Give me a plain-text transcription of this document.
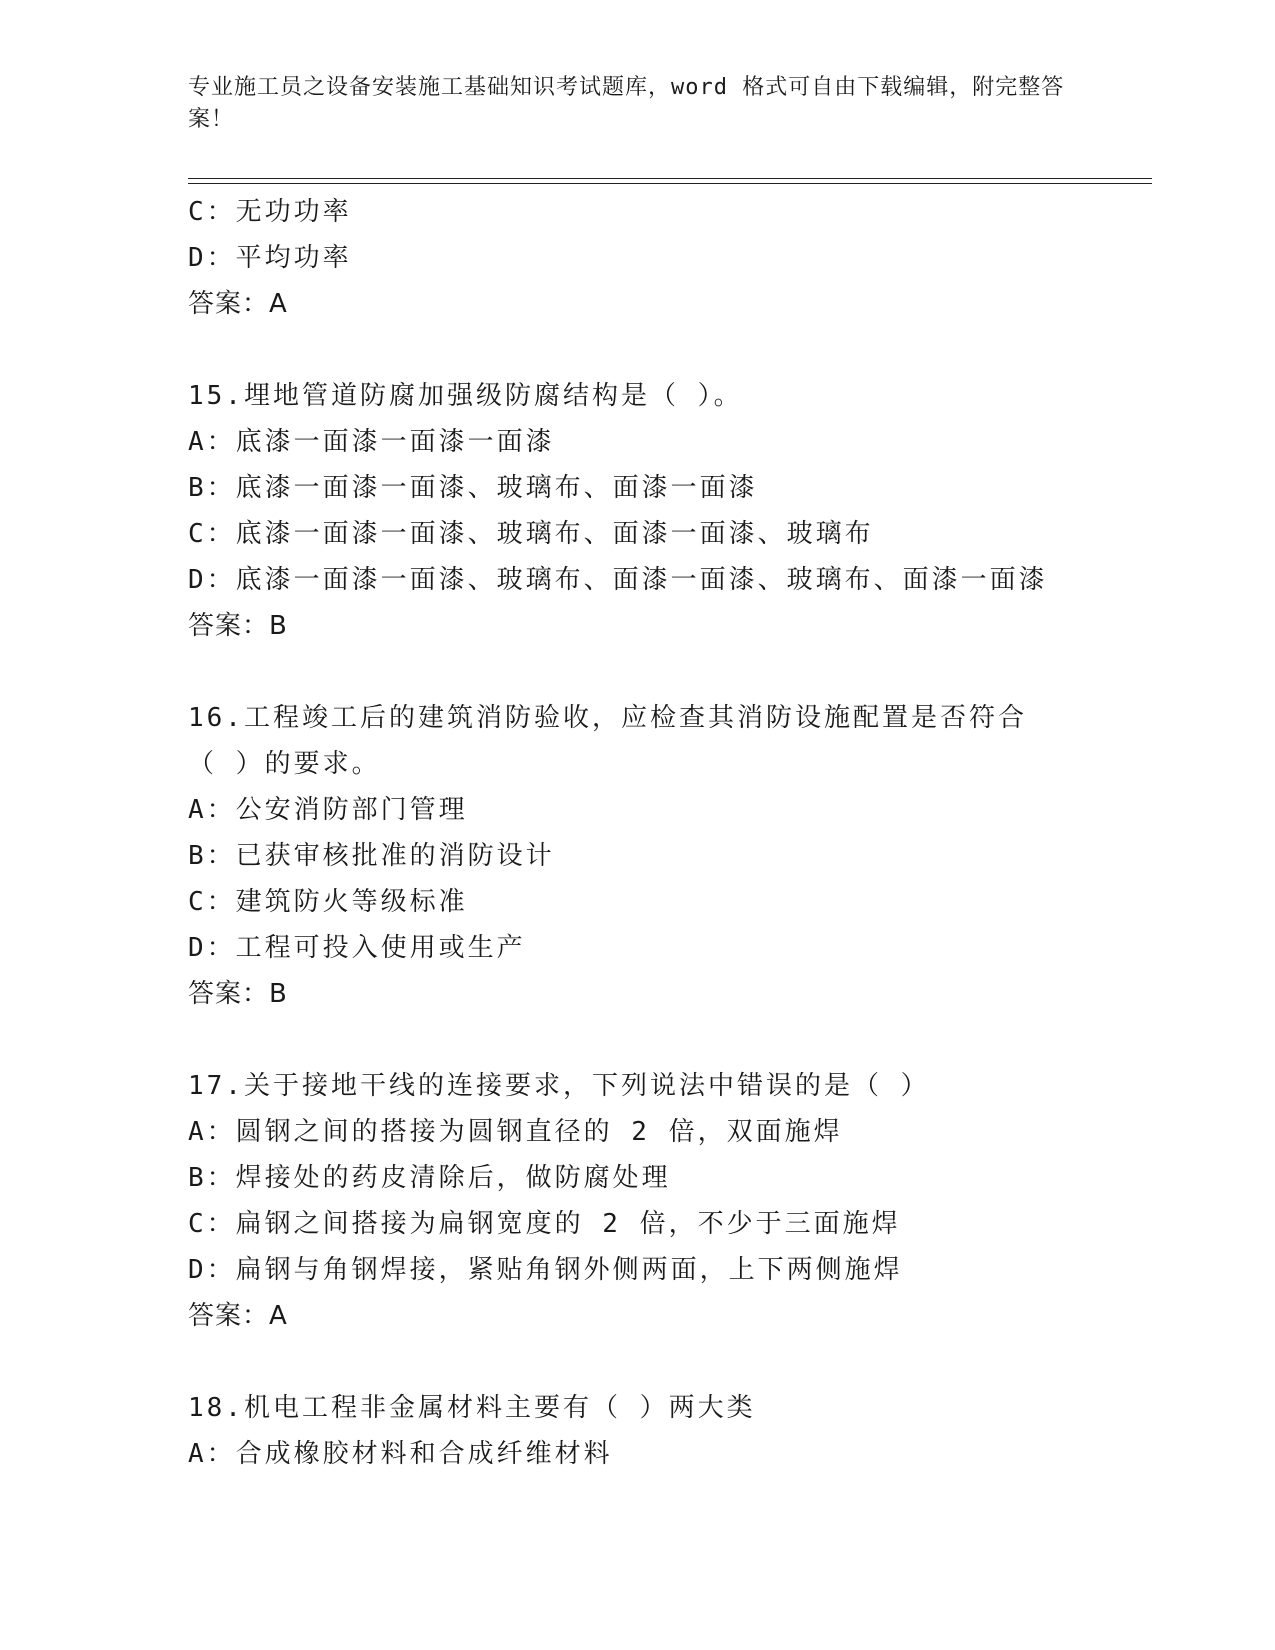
专业施工员之设备安装施工基础知识考试题库，word 格式可自由下载编辑，附完整答案！
C：无功功率
D：平均功率
答案：A
15.埋地管道防腐加强级防腐结构是（ ）。
A：底漆一面漆一面漆一面漆
B：底漆一面漆一面漆、玻璃布、面漆一面漆
C：底漆一面漆一面漆、玻璃布、面漆一面漆、玻璃布
D：底漆一面漆一面漆、玻璃布、面漆一面漆、玻璃布、面漆一面漆
答案：B
16.工程竣工后的建筑消防验收，应检查其消防设施配置是否符合（ ）的要求。
A：公安消防部门管理
B：已获审核批准的消防设计
C：建筑防火等级标准
D：工程可投入使用或生产
答案：B
17.关于接地干线的连接要求，下列说法中错误的是（ ）
A：圆钢之间的搭接为圆钢直径的 2 倍，双面施焊
B：焊接处的药皮清除后，做防腐处理
C：扁钢之间搭接为扁钢宽度的 2 倍，不少于三面施焊
D：扁钢与角钢焊接，紧贴角钢外侧两面，上下两侧施焊
答案：A
18.机电工程非金属材料主要有（ ）两大类
A：合成橡胶材料和合成纤维材料
